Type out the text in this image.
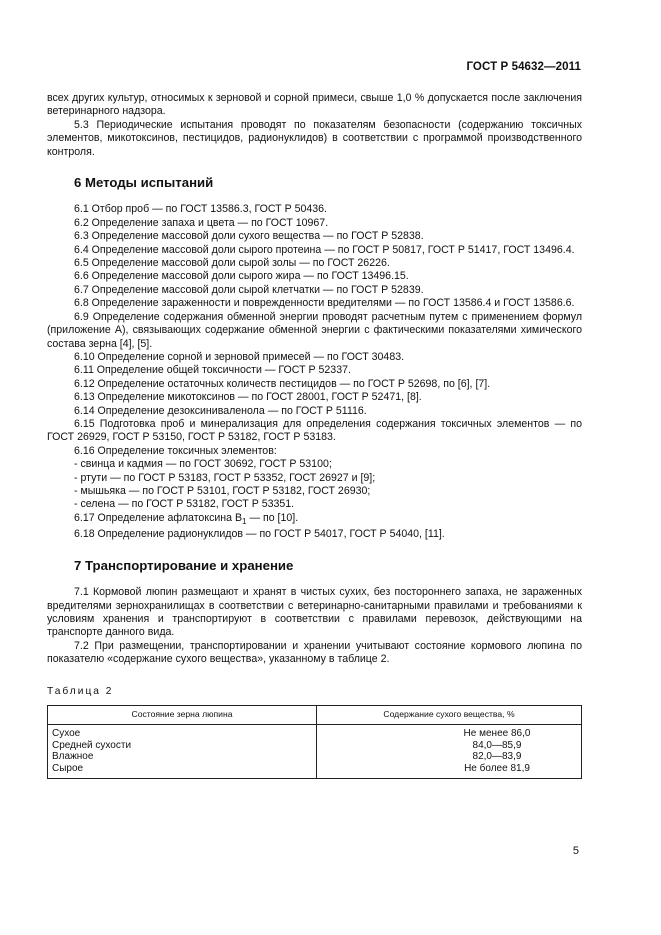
ГОСТ Р 54632—2011

всех других культур, относимых к зерновой и сорной примеси, свыше 1,0 % допускается после заключения ветеринарного надзора.

5.3 Периодические испытания проводят по показателям безопасности (содержанию токсичных элементов, микотоксинов, пестицидов, радионуклидов) в соответствии с программой производственного контроля.

6 Методы испытаний
6.1 Отбор проб — по ГОСТ 13586.3, ГОСТ Р 50436.
6.2 Определение запаха и цвета — по ГОСТ 10967.
6.3 Определение массовой доли сухого вещества — по ГОСТ Р 52838.
6.4 Определение массовой доли сырого протеина — по ГОСТ Р 50817, ГОСТ Р 51417, ГОСТ 13496.4.
6.5 Определение массовой доли сырой золы — по ГОСТ 26226.
6.6 Определение массовой доли сырого жира — по ГОСТ 13496.15.
6.7 Определение массовой доли сырой клетчатки — по ГОСТ Р 52839.

6.8 Определение зараженности и поврежденности вредителями — по ГОСТ 13586.4 и ГОСТ 13586.6.

6.9 Определение содержания обменной энергии проводят расчетным путем с применением формул (приложение А), связывающих содержание обменной энергии с фактическими показателями химического состава зерна [4], [5].

6.10 Определение сорной и зерновой примесей — по ГОСТ 30483.
6.11 Определение общей токсичности — ГОСТ Р 52337.
6.12 Определение остаточных количеств пестицидов — по ГОСТ Р 52698, по [6], [7].
6.13 Определение микотоксинов — по ГОСТ 28001, ГОСТ Р 52471, [8].
6.14 Определение дезоксиниваленола — по ГОСТ Р 51116.

6.15 Подготовка проб и минерализация для определения содержания токсичных элементов — по ГОСТ 26929, ГОСТ Р 53150, ГОСТ Р 53182, ГОСТ Р 53183.

6.16 Определение токсичных элементов:
- свинца и кадмия — по ГОСТ 30692, ГОСТ Р 53100;
- ртути — по ГОСТ Р 53183, ГОСТ Р 53352, ГОСТ 26927 и [9];
- мышьяка — по ГОСТ Р 53101, ГОСТ Р 53182, ГОСТ 26930;
- селена — по ГОСТ Р 53182, ГОСТ Р 53351.
6.17 Определение афлатоксина $B_1$ — по [10].
6.18 Определение радионуклидов — по ГОСТ Р 54017, ГОСТ Р 54040, [11].
7 Транспортирование и хранение

7.1 Кормовой люпин размещают и хранят в чистых сухих, без постороннего запаха, не зараженных вредителями зернохранилищах в соответствии с ветеринарно-санитарными правилами и требованиями к условиям хранения и транспортируют в соответствии с правилами перевозок, действующими на транспорте данного вида.

7.2 При размещении, транспортировании и хранении учитывают состояние кормового люпина по показателю «содержание сухого вещества», указанному в таблице 2.

Таблица 2
Состояние зерна люпина	Содержание сухого вещества, %
Сухое	Не менее 86,0
Средней сухости	84,0—85,9
Влажное	82,0—83,9
Сырое	Не более 81,9
5
